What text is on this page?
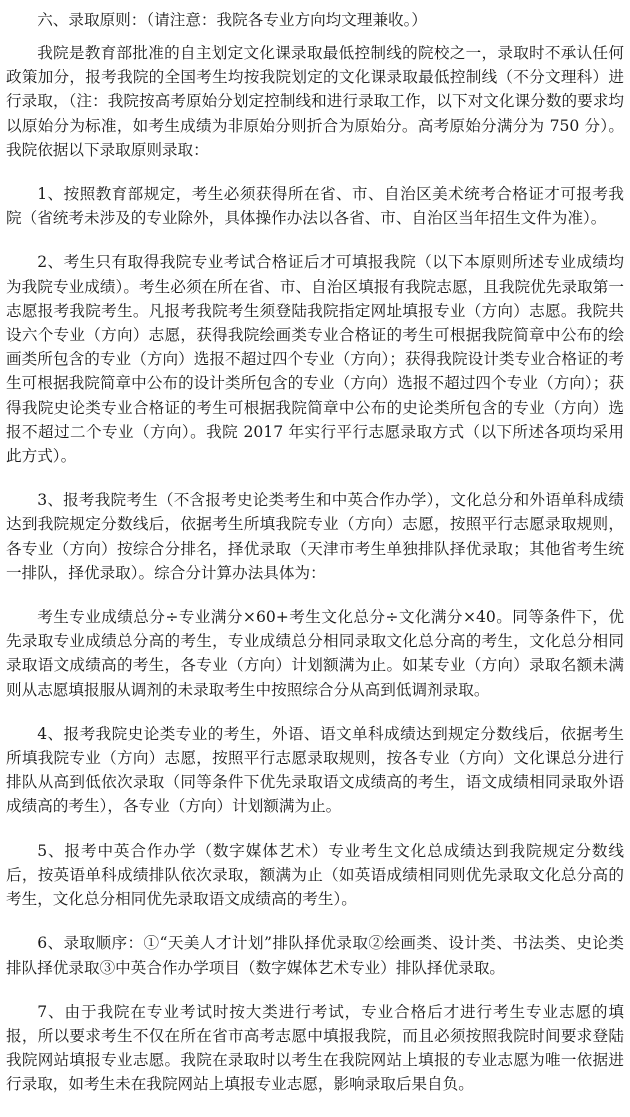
六、录取原则：（请注意：我院各专业方向均文理兼收。）

我院是教育部批准的自主划定文化课录取最低控制线的院校之一，录取时不承认任何政策加分，报考我院的全国考生均按我院划定的文化课录取最低控制线（不分文理科）进行录取，（注：我院按高考原始分划定控制线和进行录取工作，以下对文化课分数的要求均以原始分为标准，如考生成绩为非原始分则折合为原始分。高考原始分满分为 750 分）。我院依据以下录取原则录取：

1、按照教育部规定，考生必须获得所在省、市、自治区美术统考合格证才可报考我院（省统考未涉及的专业除外，具体操作办法以各省、市、自治区当年招生文件为准）。

2、考生只有取得我院专业考试合格证后才可填报我院（以下本原则所述专业成绩均为我院专业成绩）。考生必须在所在省、市、自治区填报有我院志愿，且我院优先录取第一志愿报考我院考生。凡报考我院考生须登陆我院指定网址填报专业（方向）志愿。我院共设六个专业（方向）志愿，获得我院绘画类专业合格证的考生可根据我院简章中公布的绘画类所包含的专业（方向）选报不超过四个专业（方向）；获得我院设计类专业合格证的考生可根据我院简章中公布的设计类所包含的专业（方向）选报不超过四个专业（方向）；获得我院史论类专业合格证的考生可根据我院简章中公布的史论类所包含的专业（方向）选报不超过二个专业（方向）。我院 2017 年实行平行志愿录取方式（以下所述各项均采用此方式）。

3、报考我院考生（不含报考史论类考生和中英合作办学），文化总分和外语单科成绩达到我院规定分数线后，依据考生所填我院专业（方向）志愿，按照平行志愿录取规则，各专业（方向）按综合分排名，择优录取（天津市考生单独排队择优录取；其他省考生统一排队，择优录取）。综合分计算办法具体为：

考生专业成绩总分÷专业满分×60+考生文化总分÷文化满分×40。同等条件下，优先录取专业成绩总分高的考生，专业成绩总分相同录取文化总分高的考生，文化总分相同录取语文成绩高的考生，各专业（方向）计划额满为止。如某专业（方向）录取名额未满则从志愿填报服从调剂的未录取考生中按照综合分从高到低调剂录取。

4、报考我院史论类专业的考生，外语、语文单科成绩达到规定分数线后，依据考生所填我院专业（方向）志愿，按照平行志愿录取规则，按各专业（方向）文化课总分进行排队从高到低依次录取（同等条件下优先录取语文成绩高的考生，语文成绩相同录取外语成绩高的考生），各专业（方向）计划额满为止。

5、报考中英合作办学（数字媒体艺术）专业考生文化总成绩达到我院规定分数线后，按英语单科成绩排队依次录取，额满为止（如英语成绩相同则优先录取文化总分高的考生，文化总分相同优先录取语文成绩高的考生）。

6、录取顺序：①“天美人才计划”排队择优录取②绘画类、设计类、书法类、史论类排队择优录取③中英合作办学项目（数字媒体艺术专业）排队择优录取。

7、由于我院在专业考试时按大类进行考试，专业合格后才进行考生专业志愿的填报，所以要求考生不仅在所在省市高考志愿中填报我院，而且必须按照我院时间要求登陆我院网站填报专业志愿。我院在录取时以考生在我院网站上填报的专业志愿为唯一依据进行录取，如考生未在我院网站上填报专业志愿，影响录取后果自负。
